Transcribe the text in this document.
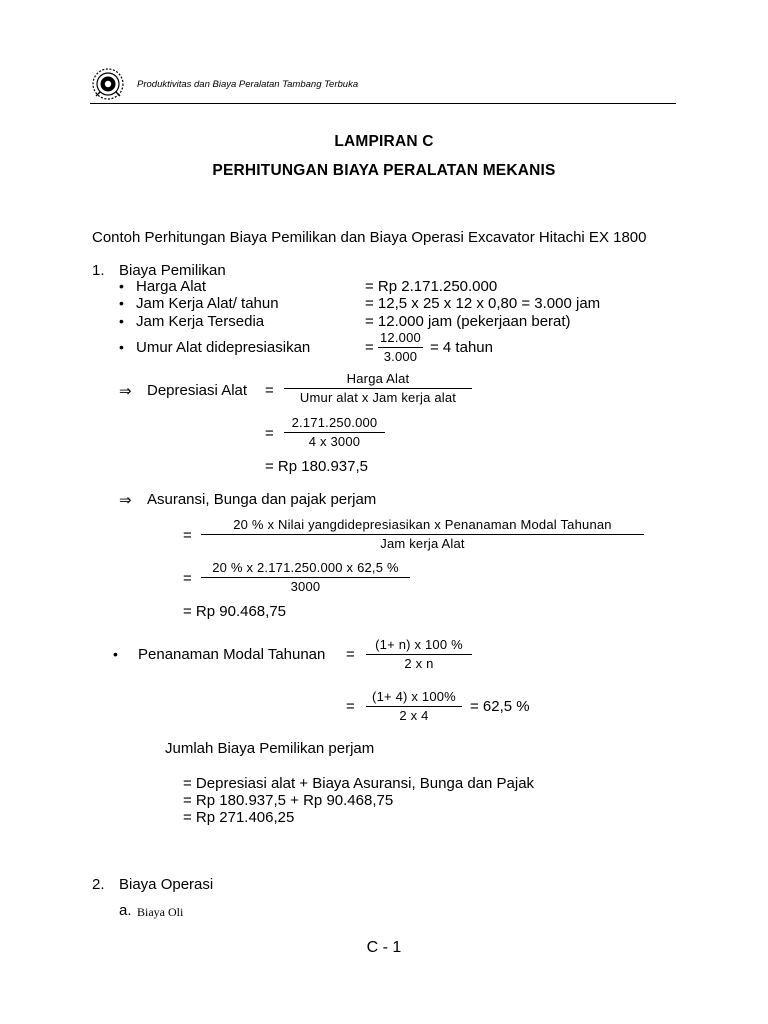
Produktivitas dan Biaya Peralatan Tambang Terbuka
LAMPIRAN C
PERHITUNGAN BIAYA PERALATAN MEKANIS
Contoh Perhitungan Biaya Pemilikan dan Biaya Operasi Excavator Hitachi EX 1800
1. Biaya Pemilikan
• Harga Alat	= Rp 2.171.250.000
• Jam Kerja Alat/ tahun	= 12,5 x 25 x 12 x 0,80 = 3.000 jam
• Jam Kerja Tersedia	= 12.000 jam (pekerjaan berat)
• Umur Alat didepresiasikan	=
12.000
3.000
= 4 tahun
⇒ Depresiasi Alat =
Harga Alat
Umur alat x Jam kerja alat
=
2.171.250.000
4 x 3000
= Rp 180.937,5
⇒ Asuransi, Bunga dan pajak perjam
=
20 % x Nilai yangdidepresiasikan x Penanaman Modal Tahunan
Jam kerja Alat
=
20 % x 2.171.250.000 x 62,5 %
3000
= Rp 90.468,75
• Penanaman Modal Tahunan =
(1+ n) x 100 %
2 x n
=
(1+ 4) x 100%
2 x 4
= 62,5 %
Jumlah Biaya Pemilikan perjam
= Depresiasi alat + Biaya Asuransi, Bunga dan Pajak
= Rp 180.937,5 + Rp 90.468,75
= Rp 271.406,25
2. Biaya Operasi
a. Biaya Oli
C - 1
